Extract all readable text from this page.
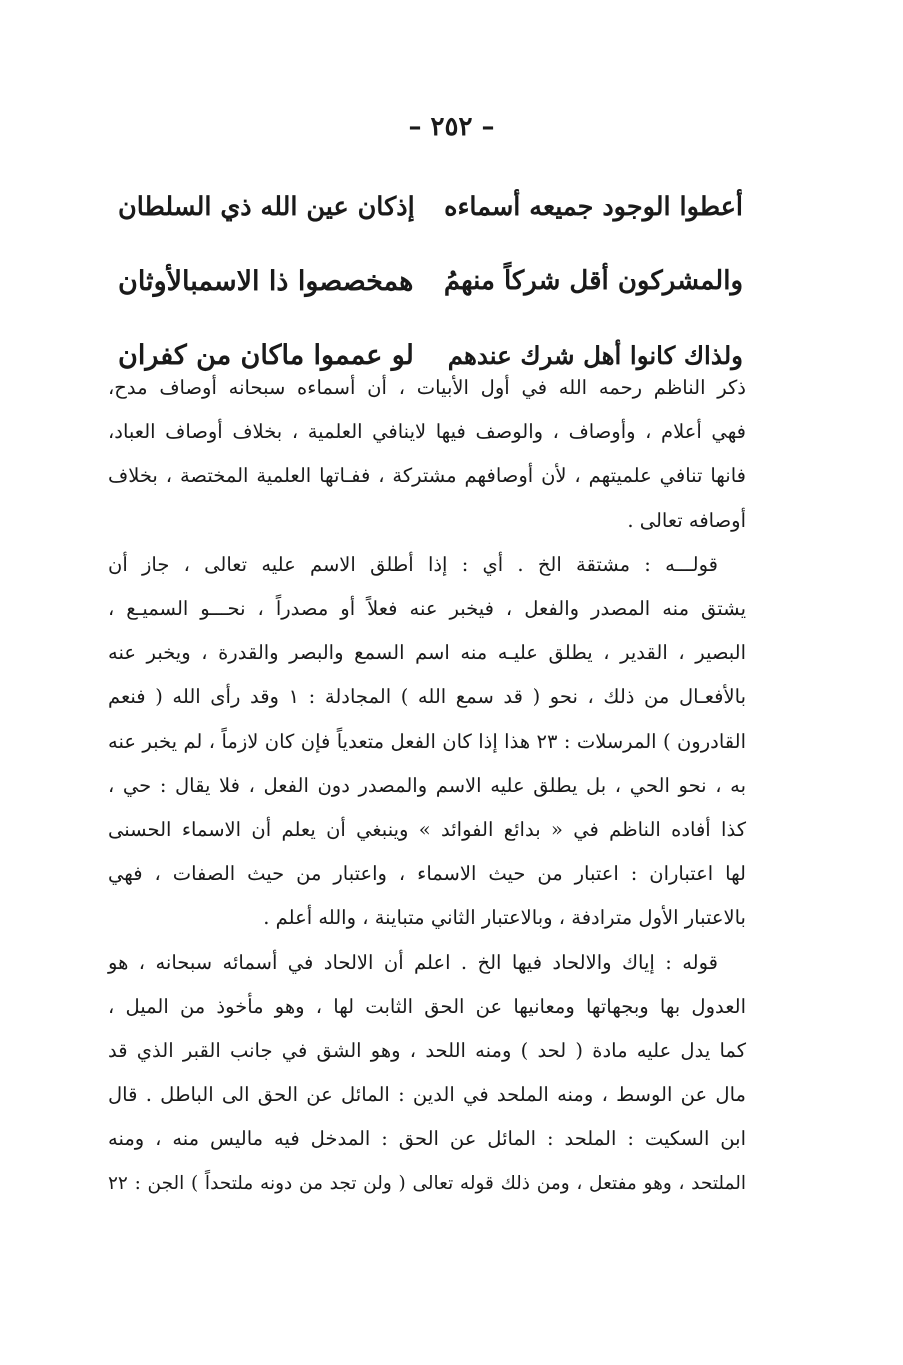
– ٢٥٢ –
أعطوا الوجود جميعه أسماءه
إذكان عين الله ذي السلطان
والمشركون أقل شركاً منهمُ
همخصصوا ذا الاسمبالأوثان
ولذاك كانوا أهل شرك عندهم
لو عمموا ماكان من كفران

ذكر الناظم رحمه الله في أول الأبيات ، أن أسماءه سبحانه أوصاف مدح،
فهي أعلام ، وأوصاف ، والوصف فيها لاينافي العلمية ، بخلاف أوصاف العباد،
فانها تنافي علميتهم ، لأن أوصافهم مشتركة ، ففـاتها العلمية المختصة ، بخلاف
أوصافه تعالى .

قولـــه : مشتقة الخ . أي : إذا أطلق الاسم عليه تعالى ، جاز أن
يشتق منه المصدر والفعل ، فيخبر عنه فعلاً أو مصدراً ، نحـــو السميـع ،
البصير ، القدير ، يطلق عليـه منه اسم السمع والبصر والقدرة ، ويخبر عنه
بالأفعـال من ذلك ، نحو ( قد سمع الله ) المجادلة : ١ وقد رأى الله ( فنعم
القادرون ) المرسلات : ٢٣ هذا إذا كان الفعل متعدياً فإن كان لازماً ، لم يخبر عنه
به ، نحو الحي ، بل يطلق عليه الاسم والمصدر دون الفعل ، فلا يقال : حي ،
كذا أفاده الناظم في « بدائع الفوائد » وينبغي أن يعلم أن الاسماء الحسنى
لها اعتباران : اعتبار من حيث الاسماء ، واعتبار من حيث الصفات ، فهي
بالاعتبار الأول مترادفة ، وبالاعتبار الثاني متباينة ، والله أعلم .

قوله : إياك والالحاد فيها الخ . اعلم أن الالحاد في أسمائه سبحانه ، هو
العدول بها وبجهاتها ومعانيها عن الحق الثابت لها ، وهو مأخوذ من الميل ،
كما يدل عليه مادة ( لحد ) ومنه اللحد ، وهو الشق في جانب القبر الذي قد
مال عن الوسط ، ومنه الملحد في الدين : المائل عن الحق الى الباطل . قال
ابن السكيت : الملحد : المائل عن الحق : المدخل فيه ماليس منه ، ومنه
الملتحد ، وهو مفتعل ، ومن ذلك قوله تعالى ( ولن تجد من دونه ملتحداً ) الجن : ٢٢
